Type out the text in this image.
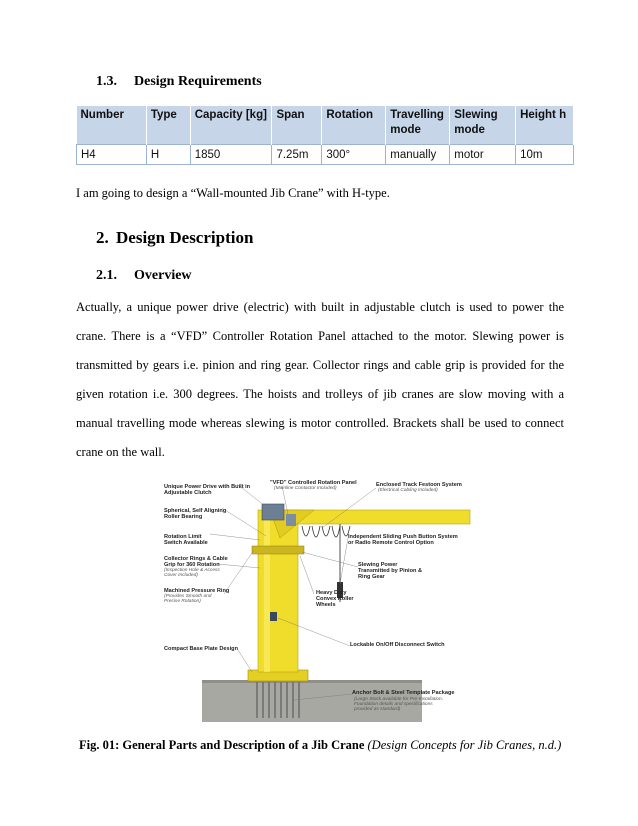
1.3. Design Requirements
Number	Type	Capacity [kg]	Span	Rotation	Travelling mode	Slewing mode	Height h
H4	H	1850	7.25m	300°	manually	motor	10m
I am going to design a “Wall-mounted Jib Crane” with H-type.
2. Design Description
2.1. Overview
Actually, a unique power drive (electric) with built in adjustable clutch is used to power the
crane. There is a “VFD” Controller Rotation Panel attached to the motor. Slewing power is
transmitted by gears i.e. pinion and ring gear. Collector rings and cable grip is provided for the
given rotation i.e. 300 degrees. The hoists and trolleys of jib cranes are slow moving with a
manual travelling mode whereas slewing is motor controlled. Brackets shall be used to connect
crane on the wall.
Unique Power Drive with Built in
Adjustable Clutch
"VFD" Controlled Rotation Panel
(Mainline Contactor Included)
Enclosed Track Festoon System
(Electrical Cabling Included)
Spherical, Self Aligning
Roller Bearing
Rotation Limit
Switch Available
Independent Sliding Push Button System
or Radio Remote Control Option
Collector Rings & Cable
Grip for 360 Rotation
(Inspection Hole & Access
Cover Included)
Slewing Power
Transmitted by Pinion &
Ring Gear
Machined Pressure Ring
(Provides Smooth and
Precise Rotation)
Heavy Duty
Convex Roller
Wheels
Compact Base Plate Design
Lockable On/Off Disconnect Switch
Anchor Bolt & Steel Template Package
(Large Stock available for Pre-Installation.
Foundation details and specifications
provided as standard)
Fig. 01: General Parts and Description of a Jib Crane (Design Concepts for Jib Cranes, n.d.)
